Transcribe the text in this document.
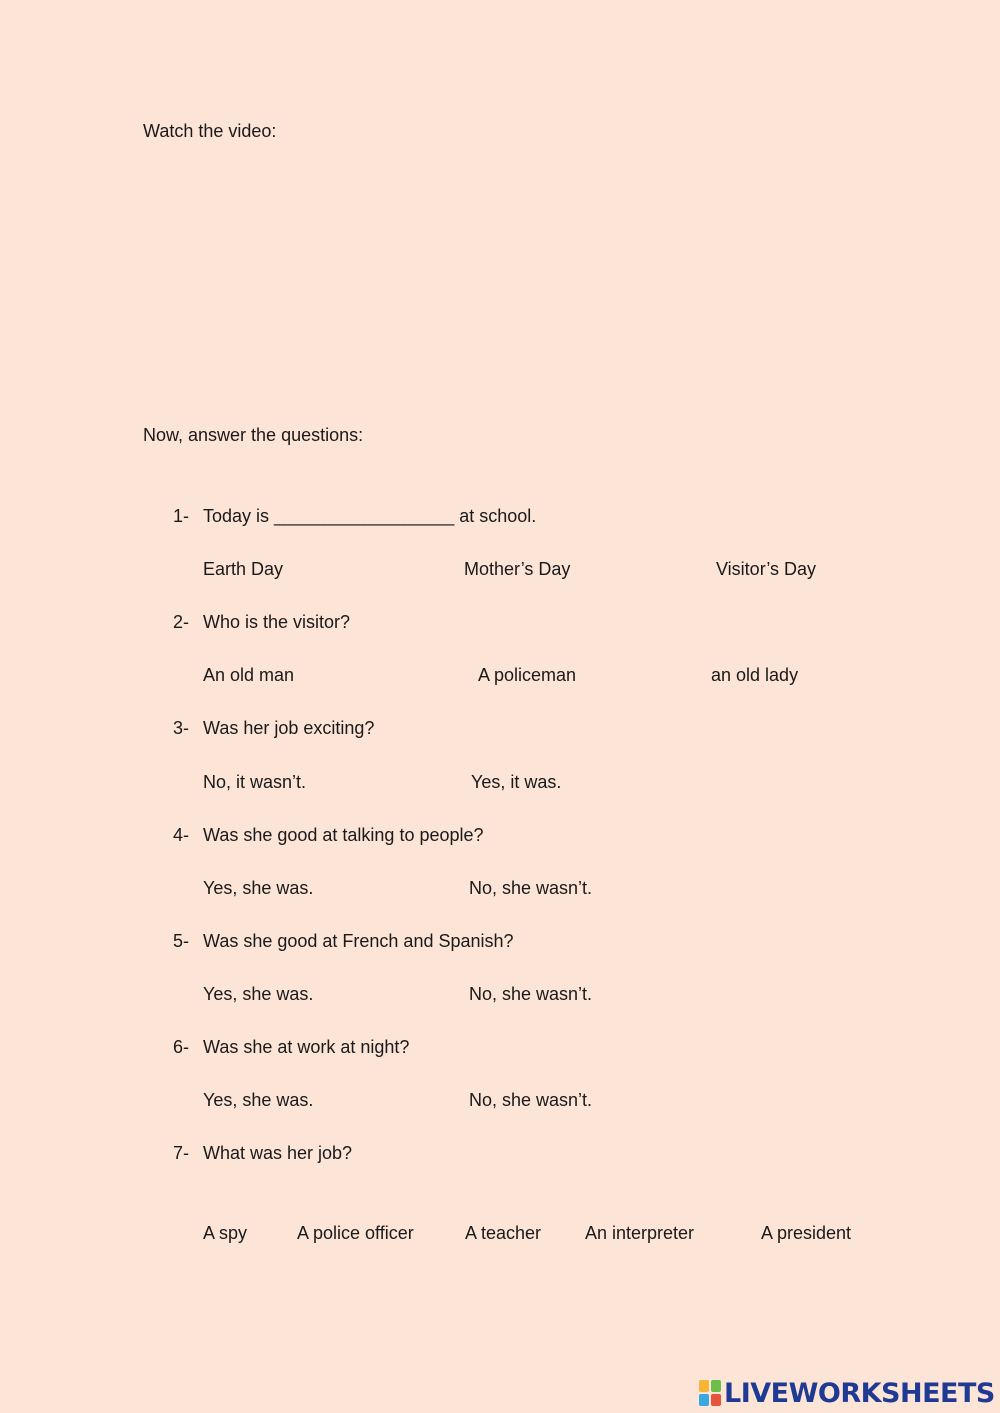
Watch the video:
Now, answer the questions:
1- Today is __________________ at school.
Earth Day	Mother’s Day	Visitor’s Day
2- Who is the visitor?
An old man	A policeman	an old lady
3- Was her job exciting?
No, it wasn’t.	Yes, it was.
4- Was she good at talking to people?
Yes, she was.	No, she wasn’t.
5- Was she good at French and Spanish?
Yes, she was.	No, she wasn’t.
6- Was she at work at night?
Yes, she was.	No, she wasn’t.
7- What was her job?
A spy	A police officer	A teacher An interpreter	A president
LIVEWORKSHEETS
